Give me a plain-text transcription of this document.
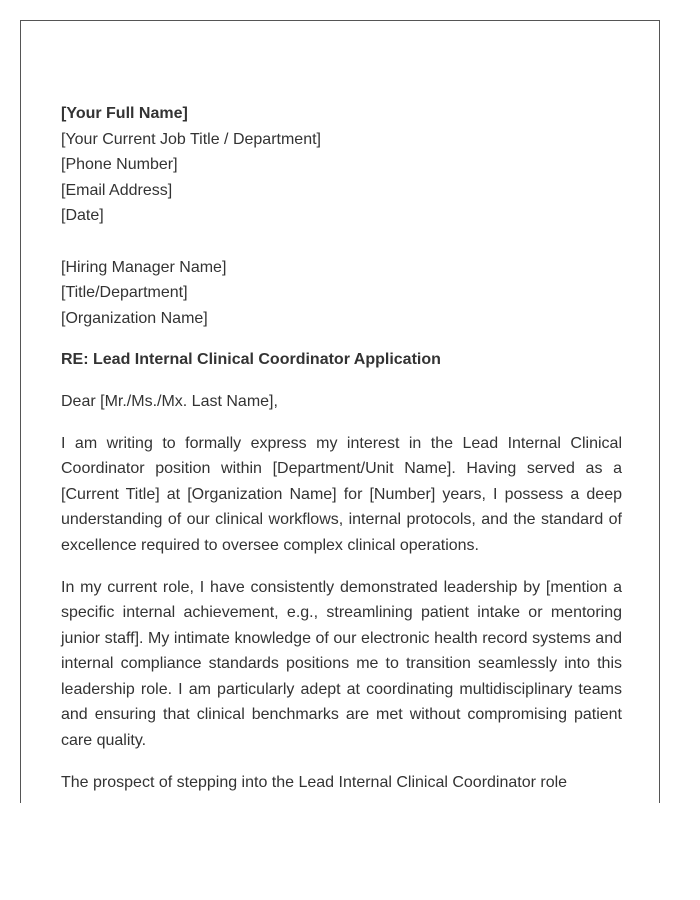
[Your Full Name]
[Your Current Job Title / Department]
[Phone Number]
[Email Address]
[Date]
[Hiring Manager Name]
[Title/Department]
[Organization Name]

RE: Lead Internal Clinical Coordinator Application

Dear [Mr./Ms./Mx. Last Name],

I am writing to formally express my interest in the Lead Internal Clinical Coordinator position within [Department/Unit Name]. Having served as a [Current Title] at [Organization Name] for [Number] years, I possess a deep understanding of our clinical workflows, internal protocols, and the standard of excellence required to oversee complex clinical operations.

In my current role, I have consistently demonstrated leadership by [mention a specific internal achievement, e.g., streamlining patient intake or mentoring junior staff]. My intimate knowledge of our electronic health record systems and internal compliance standards positions me to transition seamlessly into this leadership role. I am particularly adept at coordinating multidisciplinary teams and ensuring that clinical benchmarks are met without compromising patient care quality.

The prospect of stepping into the Lead Internal Clinical Coordinator role
